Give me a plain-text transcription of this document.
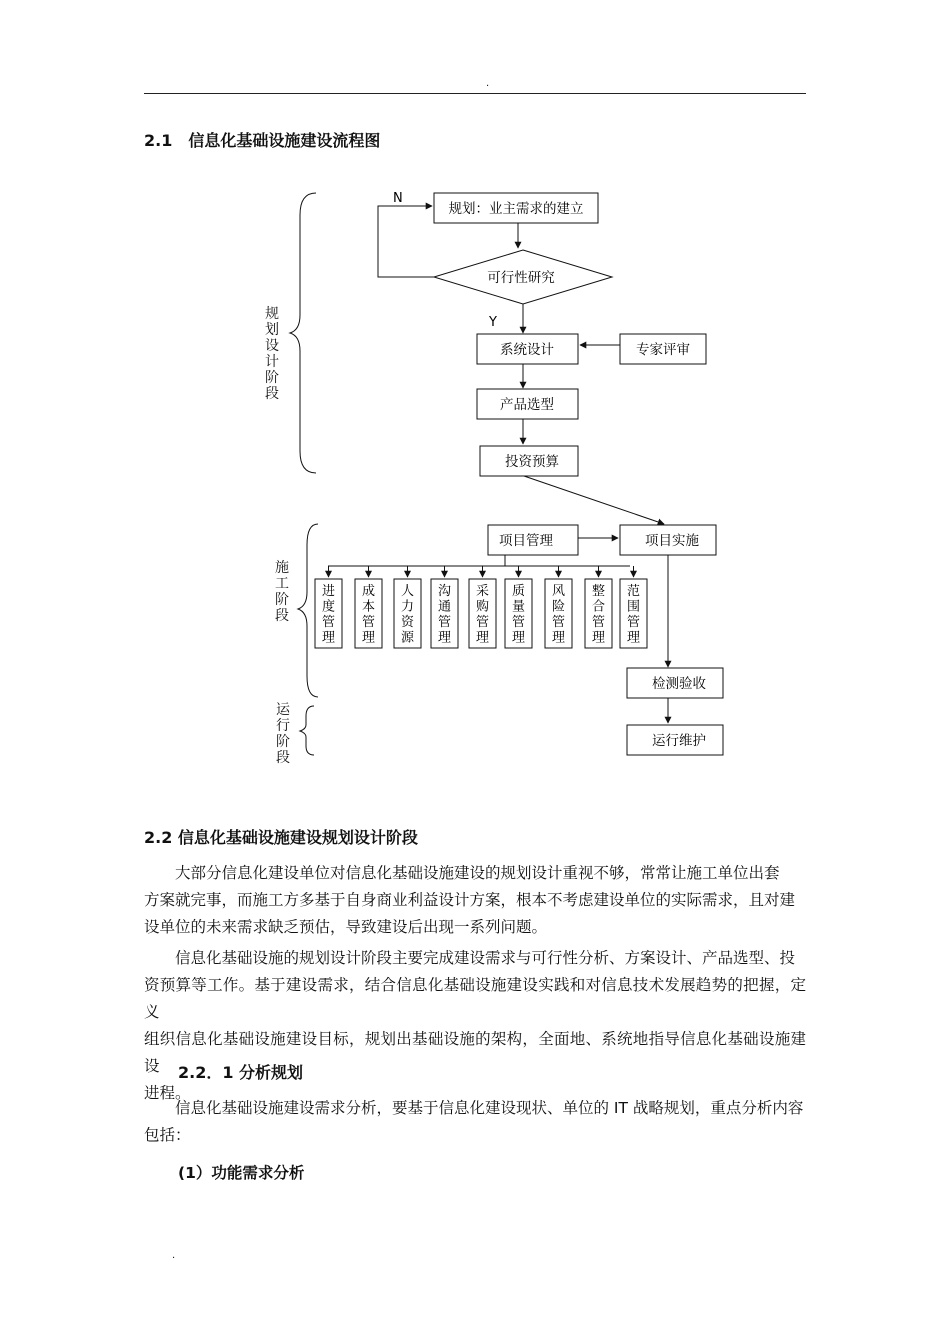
.
2.1　信息化基础设施建设流程图
规
划
设
计
阶
段
施
工
阶
段
运
行
阶
段
规划：业主需求的建立
可行性研究
N
Y
系统设计	专家评审
产品选型
投资预算
项目管理	项目实施
进
度
管
理
成
本
管
理
人
力
资
源
沟
通
管
理
采
购
管
理
质
量
管
理
风
险
管
理
整
合
管
理
范
围
管
理
检测验收
运行维护
2.2 信息化基础设施建设规划设计阶段

大部分信息化建设单位对信息化基础设施建设的规划设计重视不够，常常让施工单位出套
方案就完事，而施工方多基于自身商业利益设计方案，根本不考虑建设单位的实际需求，且对建
设单位的未来需求缺乏预估，导致建设后出现一系列问题。

信息化基础设施的规划设计阶段主要完成建设需求与可行性分析、方案设计、产品选型、投
资预算等工作。基于建设需求，结合信息化基础设施建设实践和对信息技术发展趋势的把握，定义
组织信息化基础设施建设目标，规划出基础设施的架构，全面地、系统地指导信息化基础设施建设
进程。

2.2．1 分析规划

信息化基础设施建设需求分析，要基于信息化建设现状、单位的 IT 战略规划，重点分析内容
包括：

(1）功能需求分析
.
